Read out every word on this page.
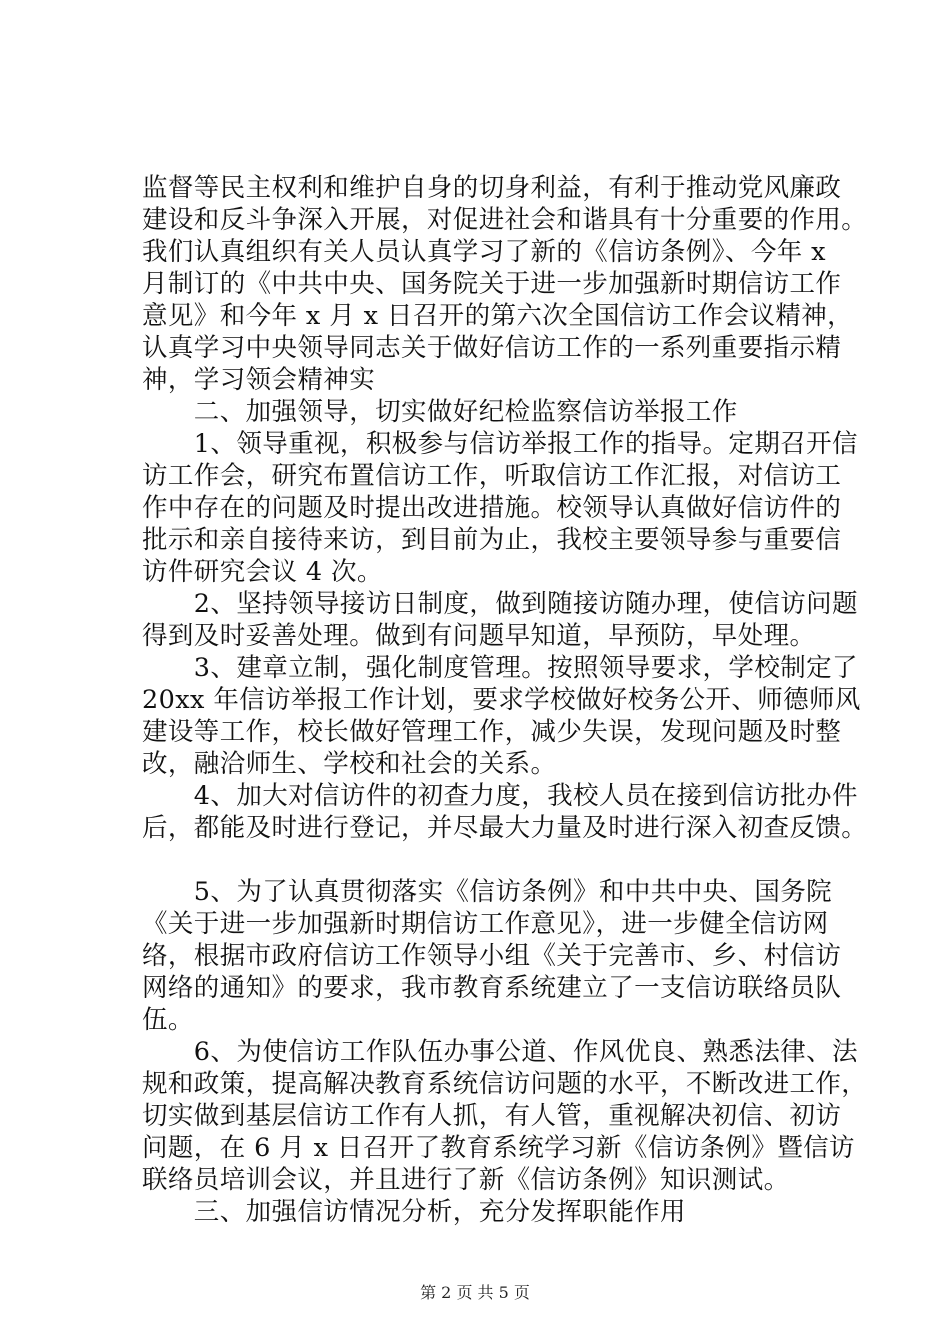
监督等民主权利和维护自身的切身利益，有利于推动党风廉政
建设和反斗争深入开展，对促进社会和谐具有十分重要的作用。
我们认真组织有关人员认真学习了新的《信访条例》、今年 x
月制订的《中共中央、国务院关于进一步加强新时期信访工作
意见》和今年 x 月 x 日召开的第六次全国信访工作会议精神，
认真学习中央领导同志关于做好信访工作的一系列重要指示精
神，学习领会精神实
　　二、加强领导，切实做好纪检监察信访举报工作
　　1、领导重视，积极参与信访举报工作的指导。定期召开信
访工作会，研究布置信访工作，听取信访工作汇报，对信访工
作中存在的问题及时提出改进措施。校领导认真做好信访件的
批示和亲自接待来访，到目前为止，我校主要领导参与重要信
访件研究会议 4 次。
　　2、坚持领导接访日制度，做到随接访随办理，使信访问题
得到及时妥善处理。做到有问题早知道，早预防，早处理。
　　3、建章立制，强化制度管理。按照领导要求，学校制定了
20xx 年信访举报工作计划，要求学校做好校务公开、师德师风
建设等工作，校长做好管理工作，减少失误，发现问题及时整
改，融洽师生、学校和社会的关系。
　　4、加大对信访件的初查力度，我校人员在接到信访批办件
后，都能及时进行登记，并尽最大力量及时进行深入初查反馈。
　　5、为了认真贯彻落实《信访条例》和中共中央、国务院
《关于进一步加强新时期信访工作意见》，进一步健全信访网
络，根据市政府信访工作领导小组《关于完善市、乡、村信访
网络的通知》的要求，我市教育系统建立了一支信访联络员队
伍。
　　6、为使信访工作队伍办事公道、作风优良、熟悉法律、法
规和政策，提高解决教育系统信访问题的水平，不断改进工作，
切实做到基层信访工作有人抓，有人管，重视解决初信、初访
问题，在 6 月 x 日召开了教育系统学习新《信访条例》暨信访
联络员培训会议，并且进行了新《信访条例》知识测试。
　　三、加强信访情况分析，充分发挥职能作用
第 2 页 共 5 页
